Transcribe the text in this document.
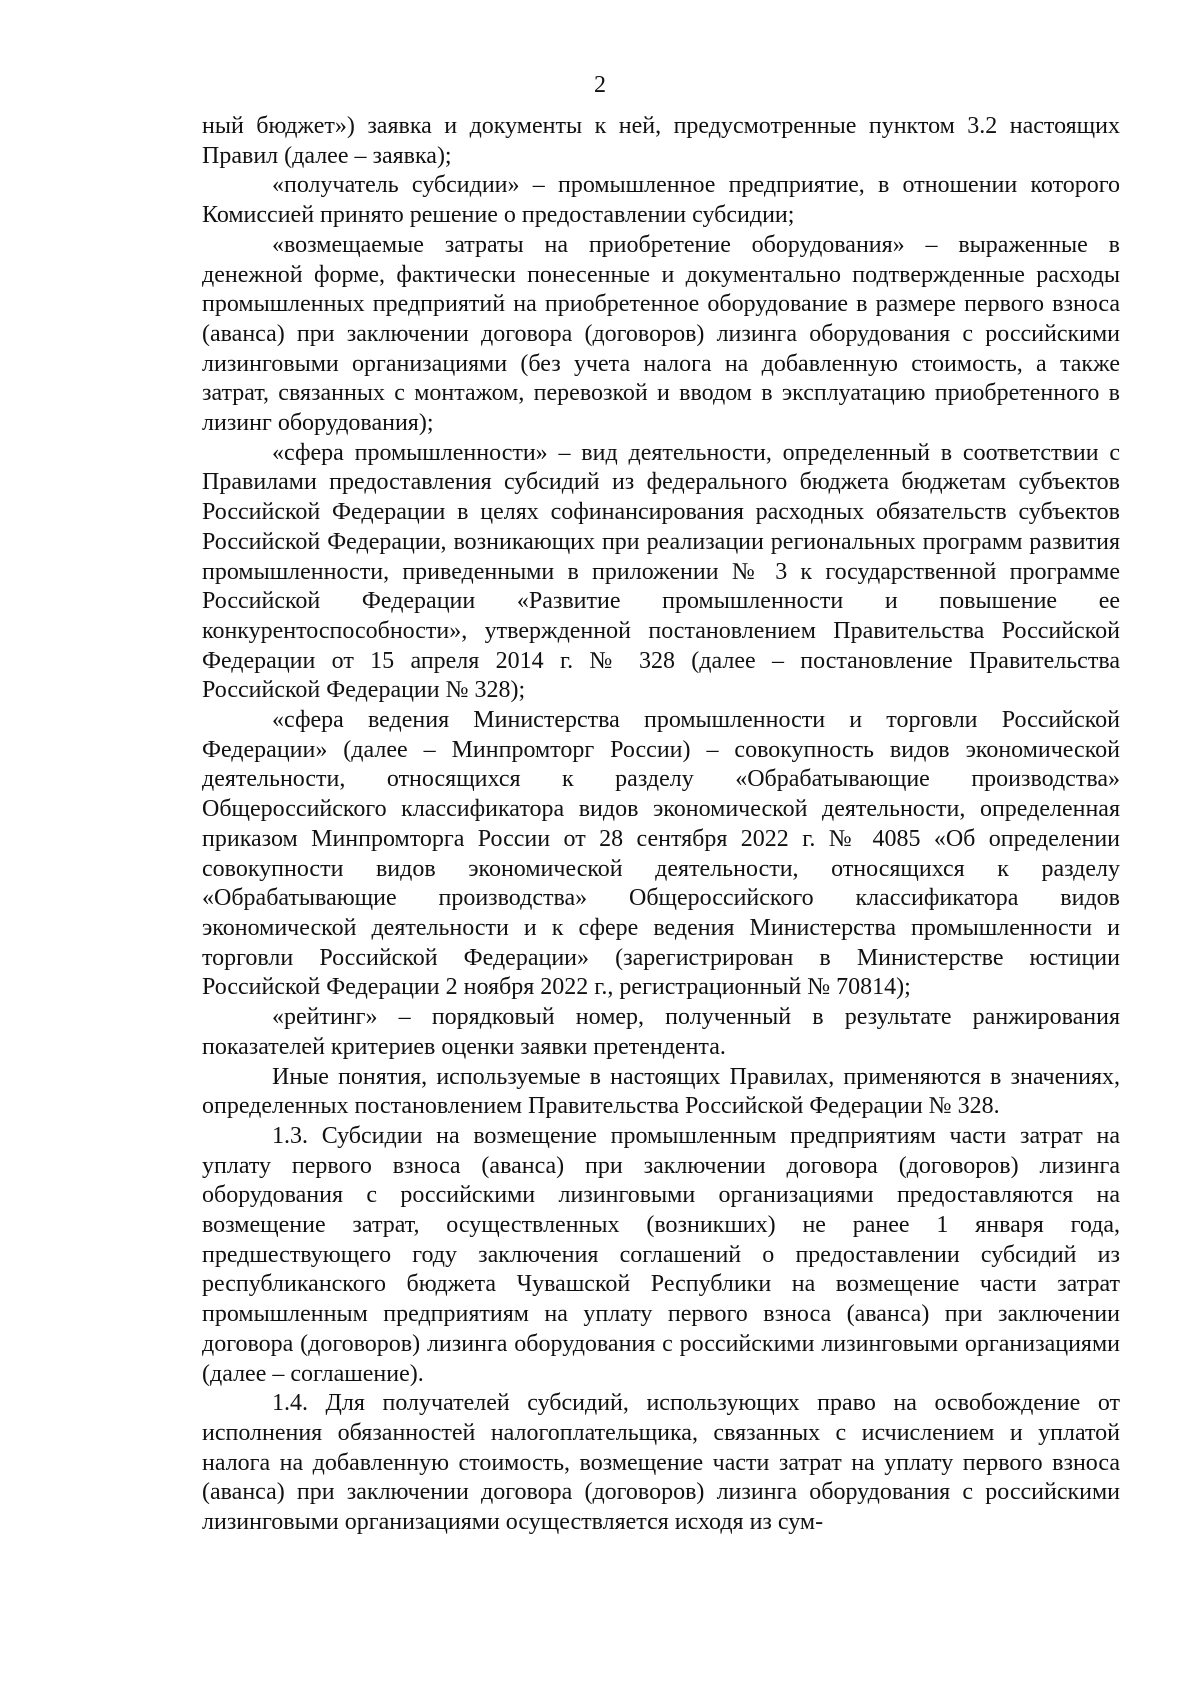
2

ный бюджет») заявка и документы к ней, предусмотренные пунктом 3.2 настоящих Правил (далее – заявка);

«получатель субсидии» – промышленное предприятие, в отношении которого Комиссией принято решение о предоставлении субсидии;

«возмещаемые затраты на приобретение оборудования» – выраженные в денежной форме, фактически понесенные и документально подтвержденные расходы промышленных предприятий на приобретенное оборудование в размере первого взноса (аванса) при заключении договора (договоров) лизинга оборудования с российскими лизинговыми организациями (без учета налога на добавленную стоимость, а также затрат, связанных с монтажом, перевозкой и вводом в эксплуатацию приобретенного в лизинг оборудования);

«сфера промышленности» – вид деятельности, определенный в соответствии с Правилами предоставления субсидий из федерального бюджета бюджетам субъектов Российской Федерации в целях софинансирования расходных обязательств субъектов Российской Федерации, возникающих при реализации региональных программ развития промышленности, приведенными в приложении № 3 к государственной программе Российской Федерации «Развитие промышленности и повышение ее конкурентоспособности», утвержденной постановлением Правительства Российской Федерации от 15 апреля 2014 г. № 328 (далее – постановление Правительства Российской Федерации № 328);

«сфера ведения Министерства промышленности и торговли Российской Федерации» (далее – Минпромторг России) – совокупность видов экономической деятельности, относящихся к разделу «Обрабатывающие производства» Общероссийского классификатора видов экономической деятельности, определенная приказом Минпромторга России от 28 сентября 2022 г. № 4085 «Об определении совокупности видов экономической деятельности, относящихся к разделу «Обрабатывающие производства» Общероссийского классификатора видов экономической деятельности и к сфере ведения Министерства промышленности и торговли Российской Федерации» (зарегистрирован в Министерстве юстиции Российской Федерации 2 ноября 2022 г., регистрационный № 70814);

«рейтинг» – порядковый номер, полученный в результате ранжирования показателей критериев оценки заявки претендента.

Иные понятия, используемые в настоящих Правилах, применяются в значениях, определенных постановлением Правительства Российской Федерации № 328.

1.3. Субсидии на возмещение промышленным предприятиям части затрат на уплату первого взноса (аванса) при заключении договора (договоров) лизинга оборудования с российскими лизинговыми организациями предоставляются на возмещение затрат, осуществленных (возникших) не ранее 1 января года, предшествующего году заключения соглашений о предоставлении субсидий из республиканского бюджета Чувашской Республики на возмещение части затрат промышленным предприятиям на уплату первого взноса (аванса) при заключении договора (договоров) лизинга оборудования с российскими лизинговыми организациями (далее – соглашение).

1.4. Для получателей субсидий, использующих право на освобождение от исполнения обязанностей налогоплательщика, связанных с исчислением и уплатой налога на добавленную стоимость, возмещение части затрат на уплату первого взноса (аванса) при заключении договора (договоров) лизинга оборудования с российскими лизинговыми организациями осуществляется исходя из сум-
